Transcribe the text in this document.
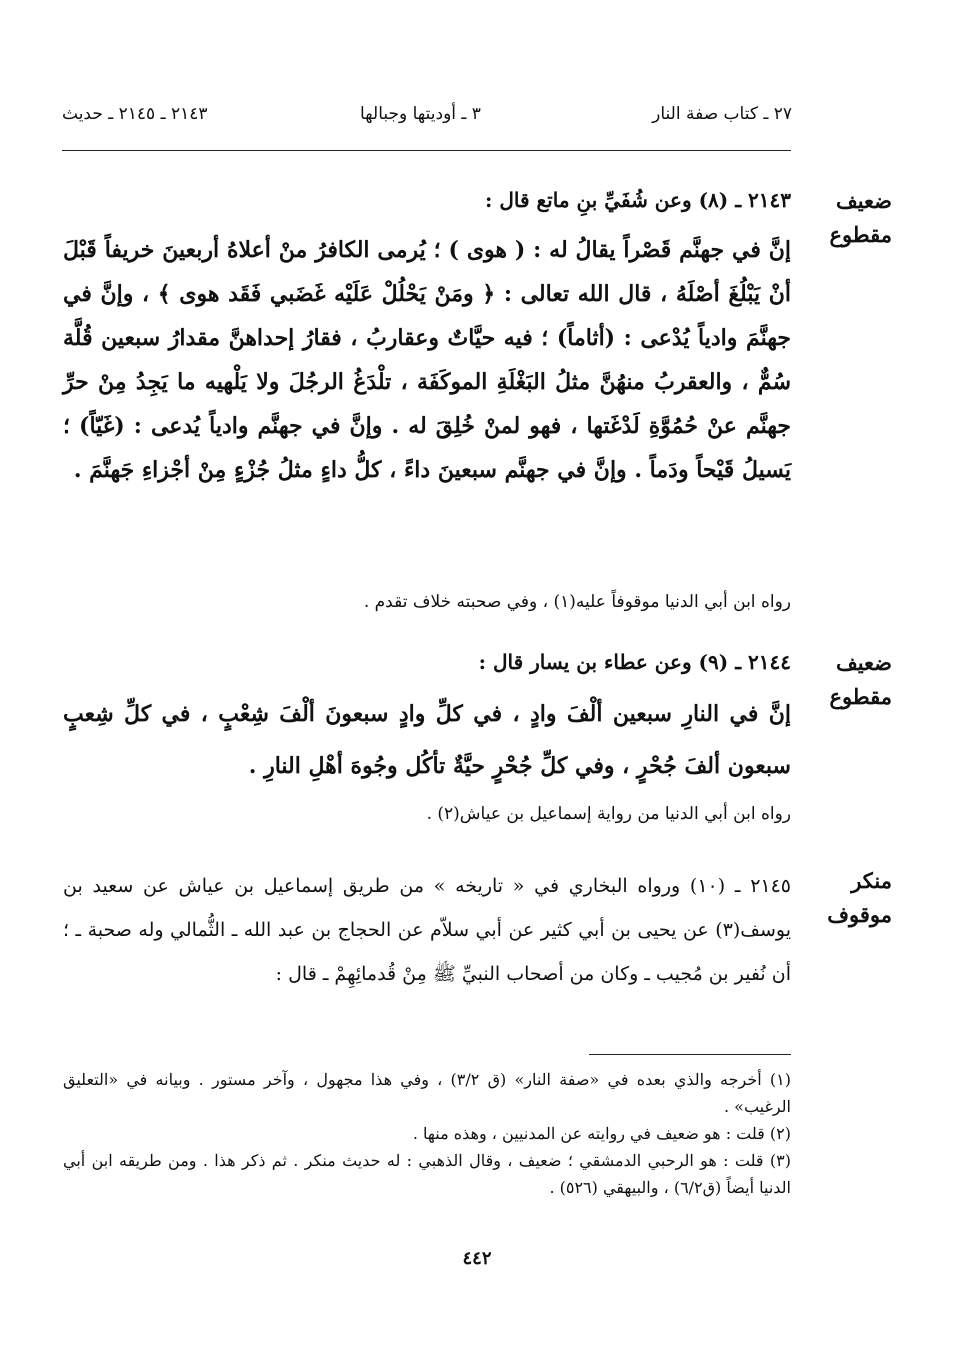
٢٧ ـ كتاب صفة النار
٣ ـ أوديتها وجبالها
٢١٤٣ ـ ٢١٤٥ ـ حديث
ضعيف
مقطوع
٢١٤٣ ـ (٨) وعن شُفَيِّ بنِ ماتع قال :

إنَّ في جهنَّم قَصْراً يقالُ له : ( هوى ) ؛ يُرمى الكافرُ منْ أعلاهُ أربعينَ خريفاً قَبْلَ أنْ يَبْلُغَ أصْلَهُ ، قال الله تعالى : ﴿ ومَنْ يَحْلُلْ عَلَيْه غَضَبي فَقَد هوى ﴾ ، وإنَّ في جهنَّمَ وادياً يُدْعى : (أثاماً) ؛ فيه حيَّاتٌ وعقاربُ ، فقارُ إحداهنَّ مقدارُ سبعين قُلَّة سُمٌّ ، والعقربُ منهُنَّ مثلُ البَغْلَةِ الموكَفَة ، تلْدَغُ الرجُلَ ولا يَلْهيه ما يَجِدُ مِنْ حرِّ جهنَّم عنْ حُمُوَّةِ لَدْغَتها ، فهو لمنْ خُلِقَ له . وإنَّ في جهنَّم وادياً يُدعى : (غَيّاً) ؛ يَسيلُ قَيْحاً ودَماً . وإنَّ في جهنَّم سبعينَ داءً ، كلُّ داءٍ مثلُ جُزْءٍ مِنْ أجْزاءِ جَهنَّمَ .

رواه ابن أبي الدنيا موقوفاً عليه(١) ، وفي صحبته خلاف تقدم .
ضعيف
مقطوع
٢١٤٤ ـ (٩) وعن عطاء بن يسار قال :

إنَّ في النارِ سبعين ألْفَ وادٍ ، في كلِّ وادٍ سبعونَ ألْفَ شِعْبٍ ، في كلِّ شِعبٍ سبعون ألفَ جُحْرٍ ، وفي كلِّ جُحْرٍ حيَّةٌ تأكُل وجُوهَ أهْلِ النارِ .

رواه ابن أبي الدنيا من رواية إسماعيل بن عياش(٢) .
منكر
موقوف
٢١٤٥ ـ (١٠) ورواه البخاري في « تاريخه » من طريق إسماعيل بن عياش عن سعيد بن يوسف(٣) عن يحيى بن أبي كثير عن أبي سلاّم عن الحجاج بن عبد الله ـ الثُّمالي وله صحبة ـ ؛ أن نُفير بن مُجيب ـ وكان من أصحاب النبيِّ ﷺ مِنْ قُدمائِهِمْ ـ قال :

(١) أخرجه والذي بعده في «صفة النار» (ق ٣/٢) ، وفي هذا مجهول ، وآخر مستور . وبيانه في «التعليق الرغيب» .

(٢) قلت : هو ضعيف في روايته عن المدنيين ، وهذه منها .

(٣) قلت : هو الرحبي الدمشقي ؛ ضعيف ، وقال الذهبي : له حديث منكر . ثم ذكر هذا . ومن طريقه ابن أبي الدنيا أيضاً (ق٦/٢) ، والبيهقي (٥٢٦) .

٤٤٢
